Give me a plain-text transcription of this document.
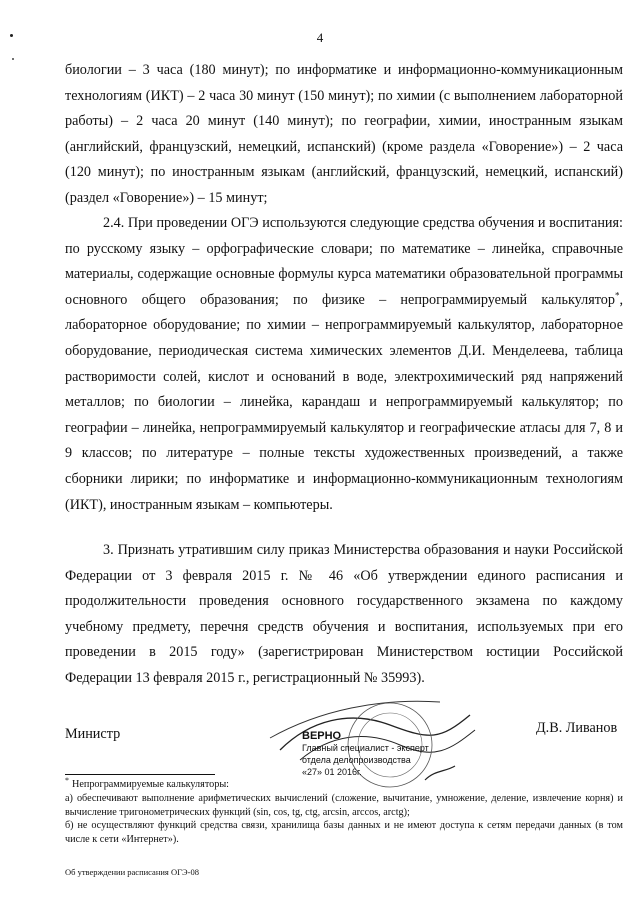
4

биологии – 3 часа (180 минут); по информатике и информационно-коммуникационным технологиям (ИКТ) – 2 часа 30 минут (150 минут); по химии (с выполнением лабораторной работы) – 2 часа 20 минут (140 минут); по географии, химии, иностранным языкам (английский, французский, немецкий, испанский) (кроме раздела «Говорение») – 2 часа (120 минут); по иностранным языкам (английский, французский, немецкий, испанский) (раздел «Говорение») – 15 минут;

2.4. При проведении ОГЭ используются следующие средства обучения и воспитания: по русскому языку – орфографические словари; по математике – линейка, справочные материалы, содержащие основные формулы курса математики образовательной программы основного общего образования; по физике – непрограммируемый калькулятор*, лабораторное оборудование; по химии – непрограммируемый калькулятор, лабораторное оборудование, периодическая система химических элементов Д.И. Менделеева, таблица растворимости солей, кислот и оснований в воде, электрохимический ряд напряжений металлов; по биологии – линейка, карандаш и непрограммируемый калькулятор; по географии – линейка, непрограммируемый калькулятор и географические атласы для 7, 8 и 9 классов; по литературе – полные тексты художественных произведений, а также сборники лирики; по информатике и информационно-коммуникационным технологиям (ИКТ), иностранным языкам – компьютеры.

3. Признать утратившим силу приказ Министерства образования и науки Российской Федерации от 3 февраля 2015 г. № 46 «Об утверждении единого расписания и продолжительности проведения основного государственного экзамена по каждому учебному предмету, перечня средств обучения и воспитания, используемых при его проведении в 2015 году» (зарегистрирован Министерством юстиции Российской Федерации 13 февраля 2015 г., регистрационный № 35993).

Министр	Д.В. Ливанов
ВЕРНО
Главный специалист - эксперт
отдела делопроизводства
«27» 01 2016г.

* Непрограммируемые калькуляторы:

а) обеспечивают выполнение арифметических вычислений (сложение, вычитание, умножение, деление, извлечение корня) и вычисление тригонометрических функций (sin, cos, tg, ctg, arcsin, arccos, arctg);

б) не осуществляют функций средства связи, хранилища базы данных и не имеют доступа к сетям передачи данных (в том числе к сети «Интернет»).

Об утверждении расписания ОГЭ-08
